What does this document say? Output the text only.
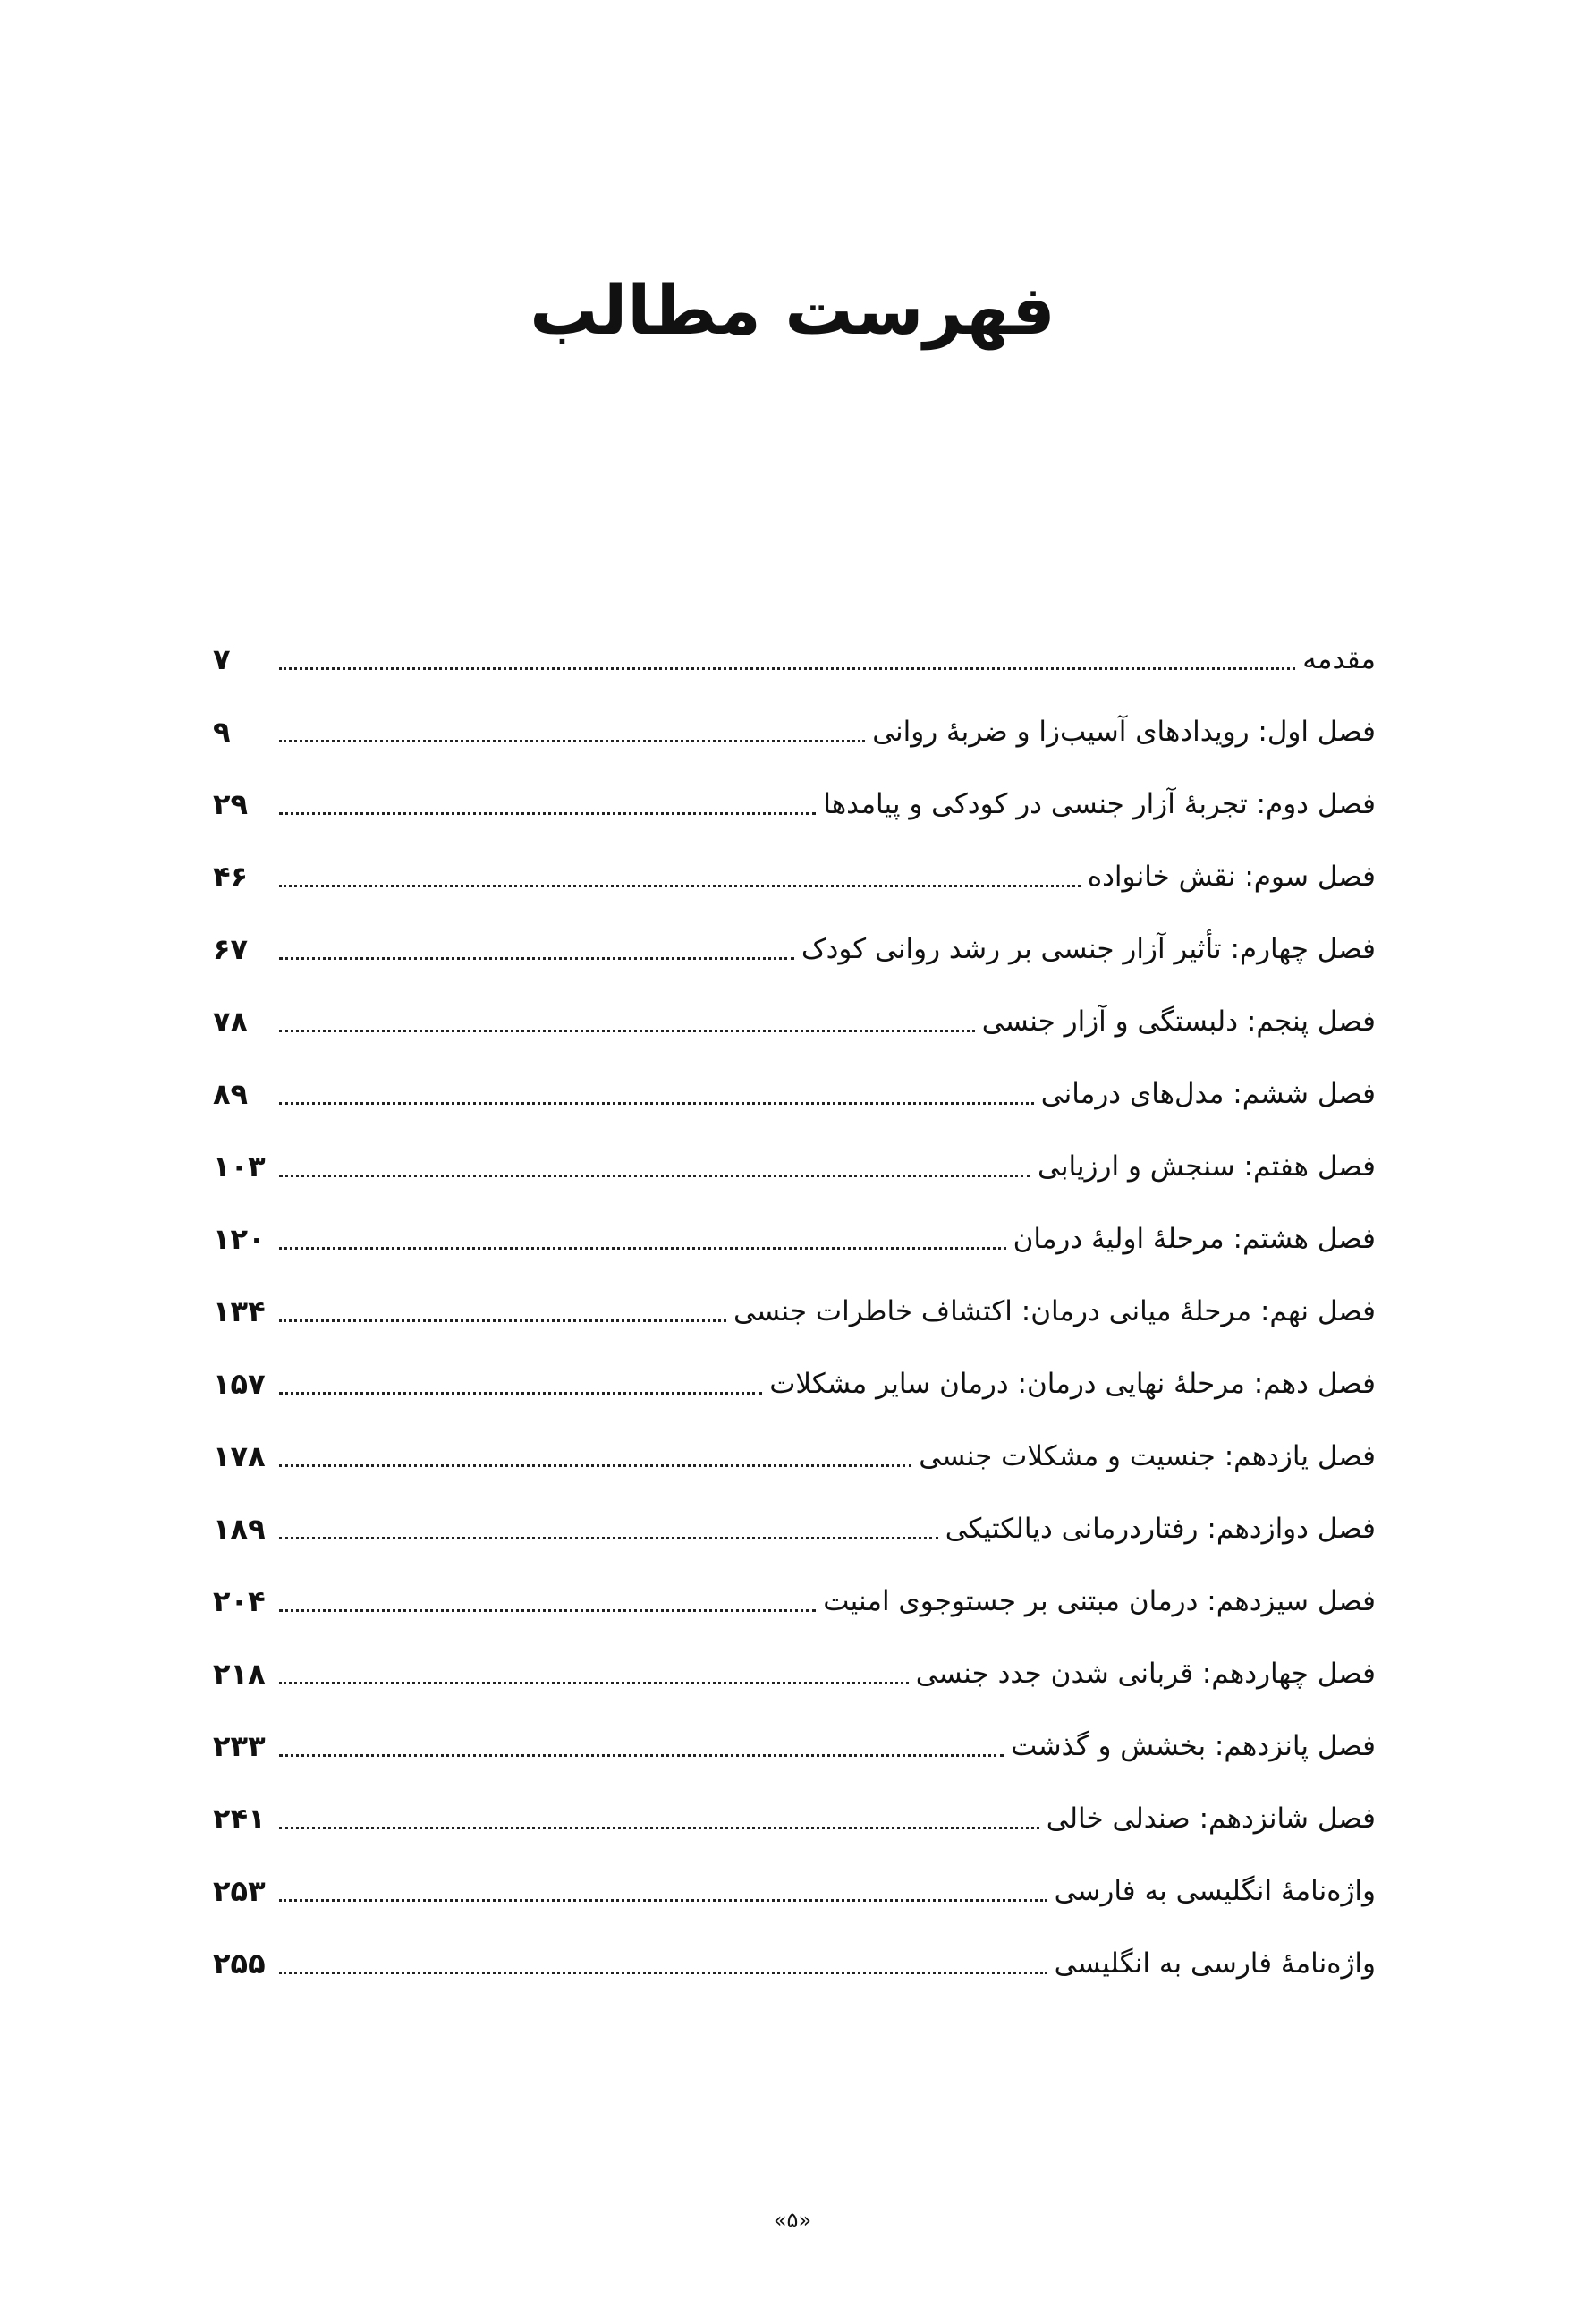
فهرست مطالب
۷	مقدمه
۹	فصل اول: رویدادهای آسیب‌زا و ضربهٔ روانی
۲۹	فصل دوم: تجربهٔ آزار جنسی در کودکی و پیامدها
۴۶	فصل سوم: نقش خانواده
۶۷	فصل چهارم: تأثیر آزار جنسی بر رشد روانی کودک
۷۸	فصل پنجم: دلبستگی و آزار جنسی
۸۹	فصل ششم: مدل‌های درمانی
۱۰۳	فصل هفتم: سنجش و ارزیابی
۱۲۰	فصل هشتم: مرحلهٔ اولیهٔ درمان
۱۳۴	فصل نهم: مرحلهٔ میانی درمان: اکتشاف خاطرات جنسی
۱۵۷	فصل دهم: مرحلهٔ نهایی درمان: درمان سایر مشکلات
۱۷۸	فصل یازدهم: جنسیت و مشکلات جنسی
۱۸۹	فصل دوازدهم: رفتاردرمانی دیالکتیکی
۲۰۴	فصل سیزدهم: درمان مبتنی بر جستوجوی امنیت
۲۱۸	فصل چهاردهم: قربانی شدن جدد جنسی
۲۳۳	فصل پانزدهم: بخشش و گذشت
۲۴۱	فصل شانزدهم: صندلی خالی
۲۵۳	واژه‌نامهٔ انگلیسی به فارسی
۲۵۵	واژه‌نامهٔ فارسی به انگلیسی
«۵»
